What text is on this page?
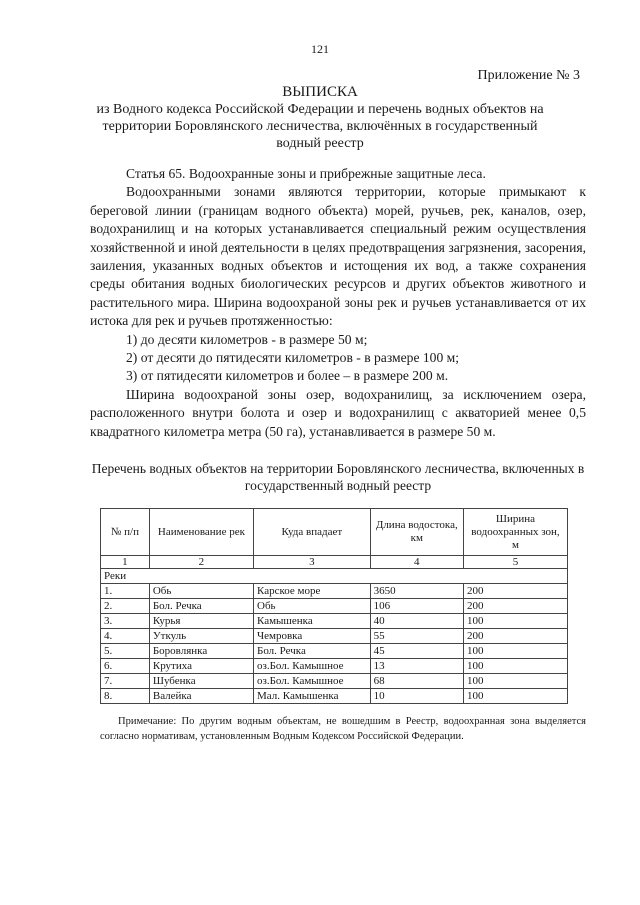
121
Приложение № 3
ВЫПИСКА
из Водного кодекса Российской Федерации и перечень водных объектов на территории Боровлянского лесничества, включённых в государственный водный реестр

Статья 65. Водоохранные зоны и прибрежные защитные леса.

Водоохранными зонами являются территории, которые примыкают к береговой линии (границам водного объекта) морей, ручьев, рек, каналов, озер, водохранилищ и на которых устанавливается специальный режим осуществления хозяйственной и иной деятельности в целях предотвращения загрязнения, засорения, заиления, указанных водных объектов и истощения их вод, а также сохранения среды обитания водных биологических ресурсов и других объектов животного и растительного мира. Ширина водоохраной зоны рек и ручьев устанавливается от их истока для рек и ручьев протяженностью:

1) до десяти километров - в размере 50 м;

2) от десяти до пятидесяти километров - в размере 100 м;

3) от пятидесяти километров и более – в размере 200 м.

Ширина водоохраной зоны озер, водохранилищ, за исключением озера, расположенного внутри болота и озер и водохранилищ с акваторией менее 0,5 квадратного километра метра (50 га), устанавливается в размере 50 м.

Перечень водных объектов на территории Боровлянского лесничества, включенных в государственный водный реестр
№ п/п	Наименование рек	Куда впадает	Длина водостока, км	Ширина водоохранных зон, м
1	2	3	4	5
Реки				
1.	Обь	Карское море	3650	200
2.	Бол. Речка	Обь	106	200
3.	Курья	Камышенка	40	100
4.	Уткуль	Чемровка	55	200
5.	Боровлянка	Бол. Речка	45	100
6.	Крутиха	оз.Бол. Камышное	13	100
7.	Шубенка	оз.Бол. Камышное	68	100
8.	Валейка	Мал. Камышенка	10	100
Примечание: По другим водным объектам, не вошедшим в Реестр, водоохранная зона выделяется согласно нормативам, установленным Водным Кодексом Российской Федерации.
